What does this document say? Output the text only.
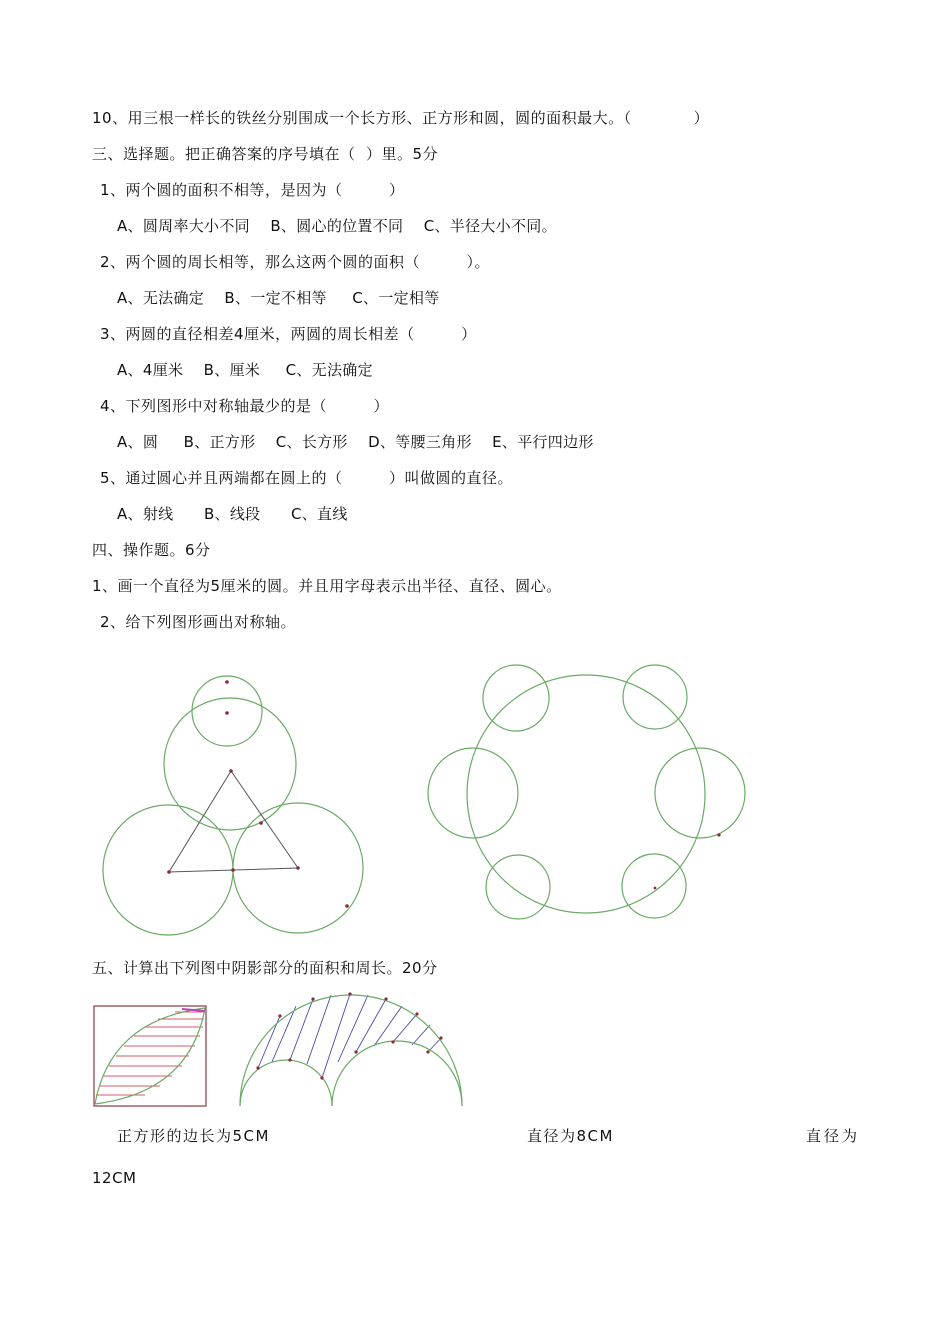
10、用三根一样长的铁丝分别围成一个长方形、正方形和圆，圆的面积最大。（　　　　）
三、选择题。把正确答案的序号填在（  ）里。5分
1、两个圆的面积不相等，是因为（　　　）
A、圆周率大小不同　 B、圆心的位置不同　 C、半径大小不同。
2、两个圆的周长相等，那么这两个圆的面积（　　　）。
A、无法确定　 B、一定不相等　  C、一定相等
3、两圆的直径相差4厘米，两圆的周长相差（　　　）
A、4厘米　 B、厘米　  C、无法确定
4、下列图形中对称轴最少的是（　　　）
A、圆　  B、正方形　 C、长方形　 D、等腰三角形　 E、平行四边形
5、通过圆心并且两端都在圆上的（　　　）叫做圆的直径。
A、射线　   B、线段　   C、直线
四、操作题。6分
1、画一个直径为5厘米的圆。并且用字母表示出半径、直径、圆心。
2、给下列图形画出对称轴。
五、计算出下列图中阴影部分的面积和周长。20分
正方形的边长为5CM	直径为8CM	直径为
12CM
